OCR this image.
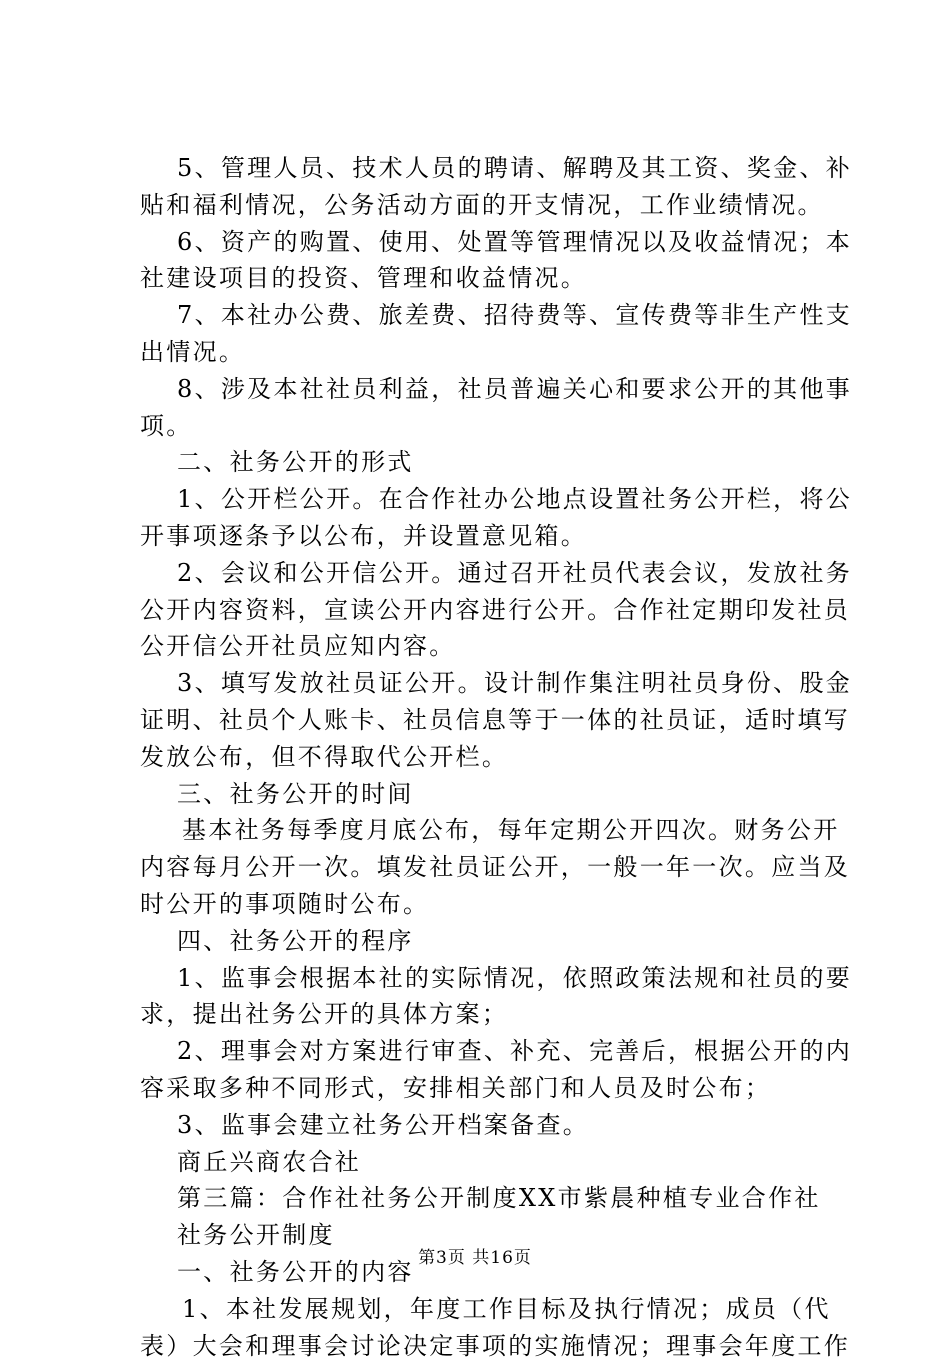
5、管理人员、技术人员的聘请、解聘及其工资、奖金、补
贴和福利情况，公务活动方面的开支情况，工作业绩情况。
6、资产的购置、使用、处置等管理情况以及收益情况；本
社建设项目的投资、管理和收益情况。
7、本社办公费、旅差费、招待费等、宣传费等非生产性支
出情况。
8、涉及本社社员利益，社员普遍关心和要求公开的其他事
项。
二、社务公开的形式
1、公开栏公开。在合作社办公地点设置社务公开栏，将公
开事项逐条予以公布，并设置意见箱。
2、会议和公开信公开。通过召开社员代表会议，发放社务
公开内容资料，宣读公开内容进行公开。合作社定期印发社员
公开信公开社员应知内容。
3、填写发放社员证公开。设计制作集注明社员身份、股金
证明、社员个人账卡、社员信息等于一体的社员证，适时填写
发放公布，但不得取代公开栏。
三、社务公开的时间
基本社务每季度月底公布，每年定期公开四次。财务公开
内容每月公开一次。填发社员证公开，一般一年一次。应当及
时公开的事项随时公布。
四、社务公开的程序
1、监事会根据本社的实际情况，依照政策法规和社员的要
求，提出社务公开的具体方案；
2、理事会对方案进行审查、补充、完善后，根据公开的内
容采取多种不同形式，安排相关部门和人员及时公布；
3、监事会建立社务公开档案备查。
商丘兴商农合社
第三篇：合作社社务公开制度XX市紫晨种植专业合作社
社务公开制度
一、社务公开的内容
1、本社发展规划，年度工作目标及执行情况；成员（代
表）大会和理事会讨论决定事项的实施情况；理事会年度工作
第3页 共16页
